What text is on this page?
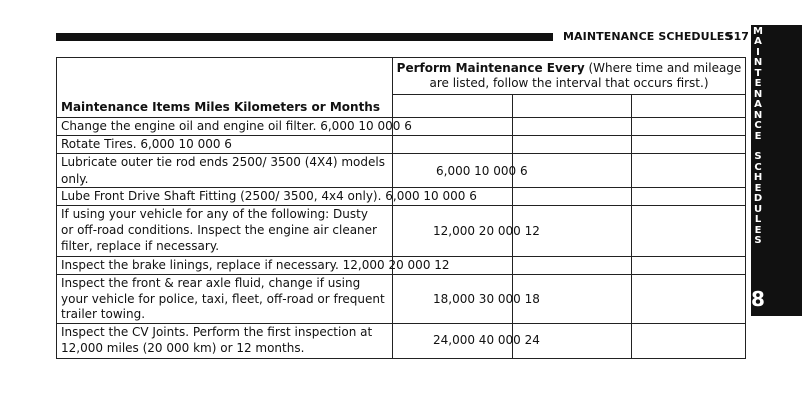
MAINTENANCE SCHEDULES
517 M
A
I
N
T
E
N
A
N
C
E
S
C
H
E
D
U
L
E
S
8
Perform Maintenance Every (Where time and mileage
are listed, follow the interval that occurs first.)
Maintenance Items Miles Kilometers or Months
Change the engine oil and engine oil filter. 6,000 10 000 6
Rotate Tires. 6,000 10 000 6
Lubricate outer tie rod ends 2500/ 3500 (4X4) models
only.
6,000 10 000 6
Lube Front Drive Shaft Fitting (2500/ 3500, 4x4 only). 6,000 10 000 6
If using your vehicle for any of the following: Dusty
or off-road conditions. Inspect the engine air cleaner
filter, replace if necessary.
12,000 20 000 12
Inspect the brake linings, replace if necessary. 12,000 20 000 12
Inspect the front & rear axle fluid, change if using
your vehicle for police, taxi, fleet, off-road or frequent
trailer towing.
18,000 30 000 18
Inspect the CV Joints. Perform the first inspection at
12,000 miles (20 000 km) or 12 months.
24,000 40 000 24
